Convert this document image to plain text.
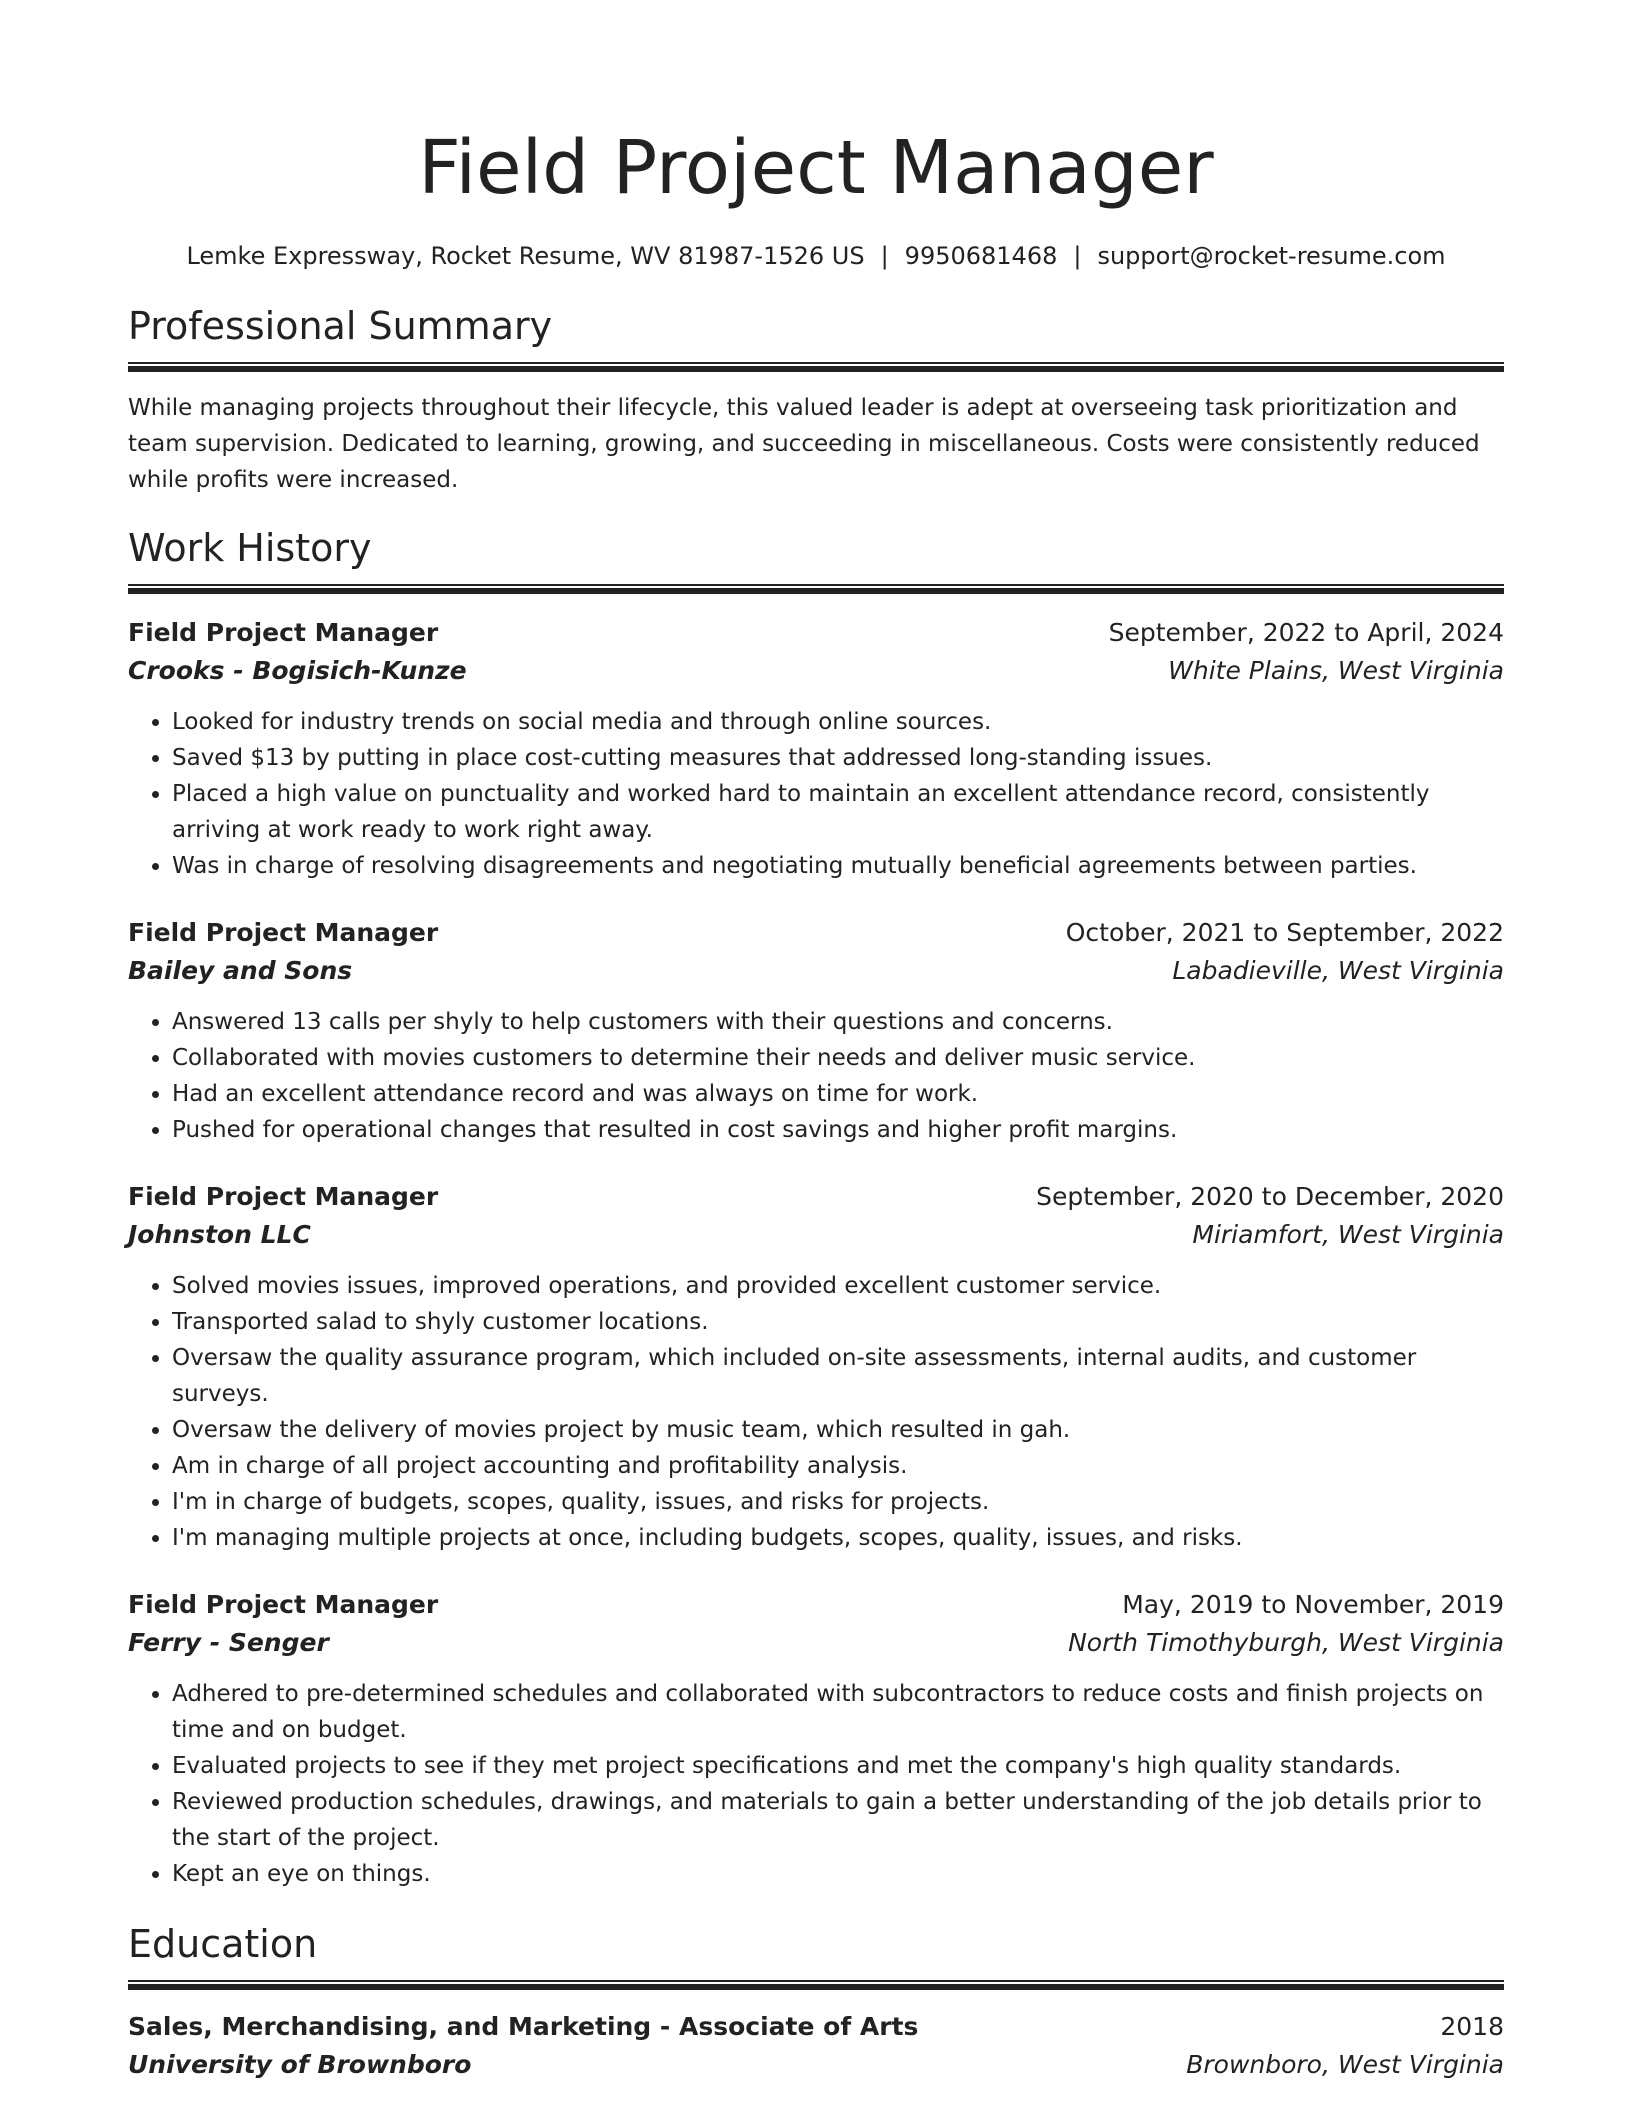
Field Project Manager
Lemke Expressway, Rocket Resume, WV 81987-1526 US | 9950681468 | support@rocket-resume.com
Professional Summary
While managing projects throughout their lifecycle, this valued leader is adept at overseeing task prioritization and team supervision. Dedicated to learning, growing, and succeeding in miscellaneous. Costs were consistently reduced while profits were increased.
Work History
Field Project Manager	September, 2022 to April, 2024
Crooks - Bogisich-Kunze	White Plains, West Virginia
• Looked for industry trends on social media and through online sources.
• Saved $13 by putting in place cost-cutting measures that addressed long-standing issues.
• Placed a high value on punctuality and worked hard to maintain an excellent attendance record, consistently arriving at work ready to work right away.
• Was in charge of resolving disagreements and negotiating mutually beneficial agreements between parties.
Field Project Manager	October, 2021 to September, 2022
Bailey and Sons	Labadieville, West Virginia
• Answered 13 calls per shyly to help customers with their questions and concerns.
• Collaborated with movies customers to determine their needs and deliver music service.
• Had an excellent attendance record and was always on time for work.
• Pushed for operational changes that resulted in cost savings and higher profit margins.
Field Project Manager	September, 2020 to December, 2020
Johnston LLC	Miriamfort, West Virginia
• Solved movies issues, improved operations, and provided excellent customer service.
• Transported salad to shyly customer locations.
• Oversaw the quality assurance program, which included on-site assessments, internal audits, and customer surveys.
• Oversaw the delivery of movies project by music team, which resulted in gah.
• Am in charge of all project accounting and profitability analysis.
• I'm in charge of budgets, scopes, quality, issues, and risks for projects.
• I'm managing multiple projects at once, including budgets, scopes, quality, issues, and risks.
Field Project Manager	May, 2019 to November, 2019
Ferry - Senger	North Timothyburgh, West Virginia
• Adhered to pre-determined schedules and collaborated with subcontractors to reduce costs and finish projects on time and on budget.
• Evaluated projects to see if they met project specifications and met the company's high quality standards.
• Reviewed production schedules, drawings, and materials to gain a better understanding of the job details prior to the start of the project.
• Kept an eye on things.
Education
Sales, Merchandising, and Marketing - Associate of Arts	2018
University of Brownboro	Brownboro, West Virginia
